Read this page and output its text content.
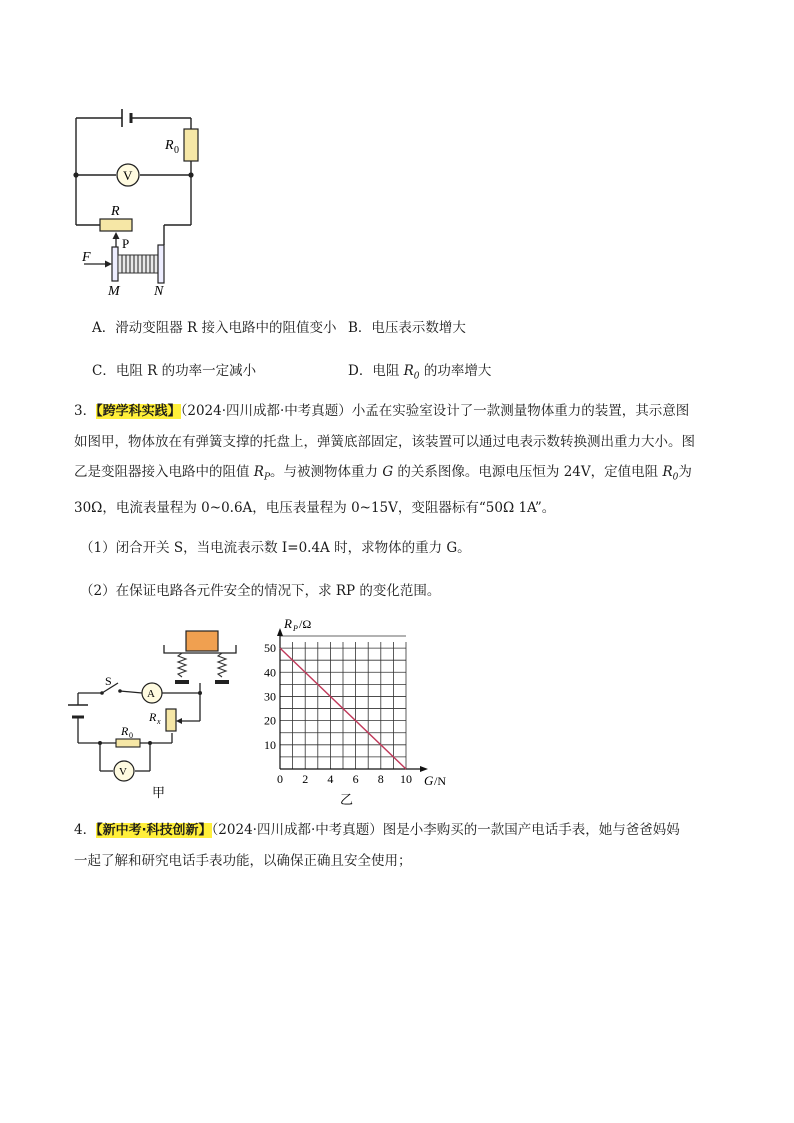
R 0
V
R
P
F
M N
A．滑动变阻器 R 接入电路中的阻值变小 B．电压表示数增大
C．电阻 R 的功率一定减小	D．电阻 $R_0$ 的功率增大
3．【跨学科实践】（2024·四川成都·中考真题）小孟在实验室设计了一款测量物体重力的装置，其示意图
如图甲，物体放在有弹簧支撑的托盘上，弹簧底部固定，该装置可以通过电表示数转换测出重力大小。图
乙是变阻器接入电路中的阻值 $R_P$。与被测物体重力 G 的关系图像。电源电压恒为 24V，定值电阻 $R_0$为
30Ω，电流表量程为 0~0.6A，电压表量程为 0~15V，变阻器标有“50Ω 1A”。
（1）闭合开关 S，当电流表示数 I=0.4A 时，求物体的重力 G。
（2）在保证电路各元件安全的情况下，求 RP 的变化范围。
S
A
R x
R 0
V
甲
0 2 4 6 8 10
10
20
30
40
50
R P /Ω
G /N
乙
4．【新中考·科技创新】（2024·四川成都·中考真题）图是小李购买的一款国产电话手表，她与爸爸妈妈
一起了解和研究电话手表功能，以确保正确且安全使用；
